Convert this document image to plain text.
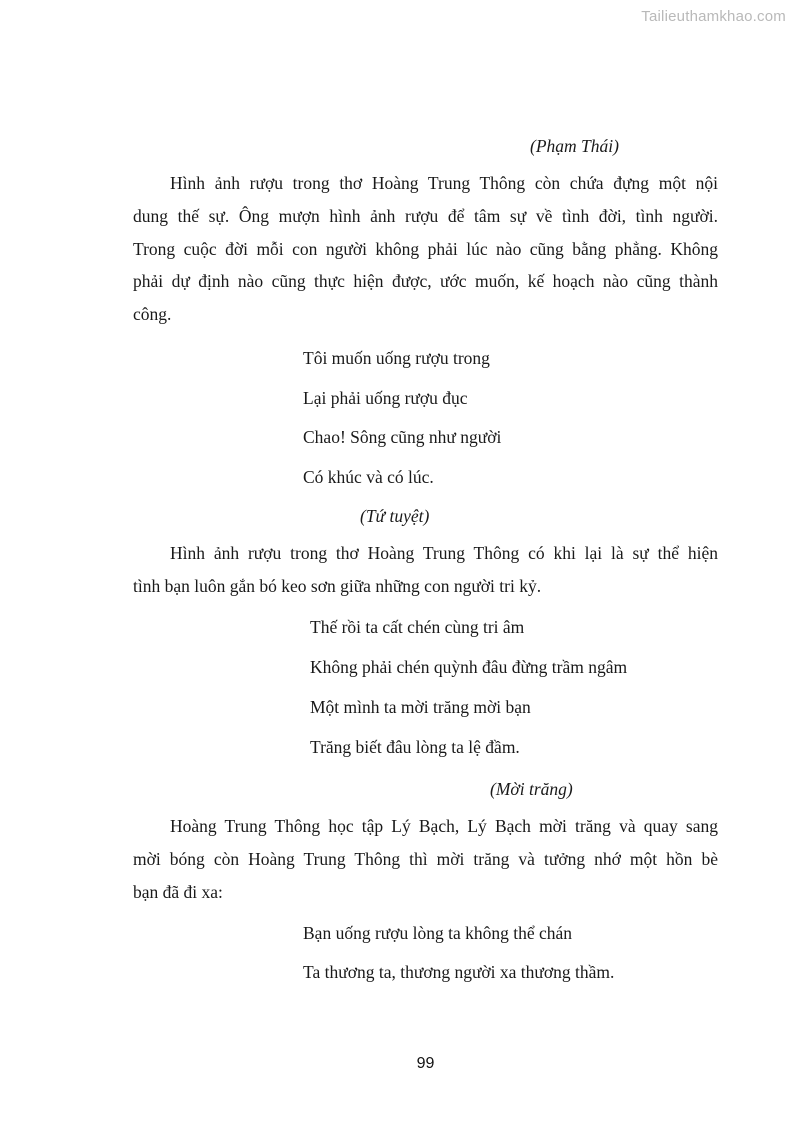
Tailieuthamkhao.com
(Phạm Thái)
Hình ảnh rượu trong thơ Hoàng Trung Thông còn chứa đựng một nội
dung thế sự. Ông mượn hình ảnh rượu để tâm sự về tình đời, tình người.
Trong cuộc đời mỗi con người không phải lúc nào cũng bằng phẳng. Không
phải dự định nào cũng thực hiện được, ước muốn, kế hoạch nào cũng thành
công.
Tôi muốn uống rượu trong
Lại phải uống rượu đục
Chao! Sông cũng như người
Có khúc và có lúc.
(Tứ tuyệt)
Hình ảnh rượu trong thơ Hoàng Trung Thông có khi lại là sự thể hiện
tình bạn luôn gắn bó keo sơn giữa những con người tri kỷ.
Thế rồi ta cất chén cùng tri âm
Không phải chén quỳnh đâu đừng trầm ngâm
Một mình ta mời trăng mời bạn
Trăng biết đâu lòng ta lệ đầm.
(Mời trăng)
Hoàng Trung Thông học tập Lý Bạch, Lý Bạch mời trăng và quay sang
mời bóng còn Hoàng Trung Thông thì mời trăng và tưởng nhớ một hồn bè
bạn đã đi xa:
Bạn uống rượu lòng ta không thể chán
Ta thương ta, thương người xa thương thầm.
99
